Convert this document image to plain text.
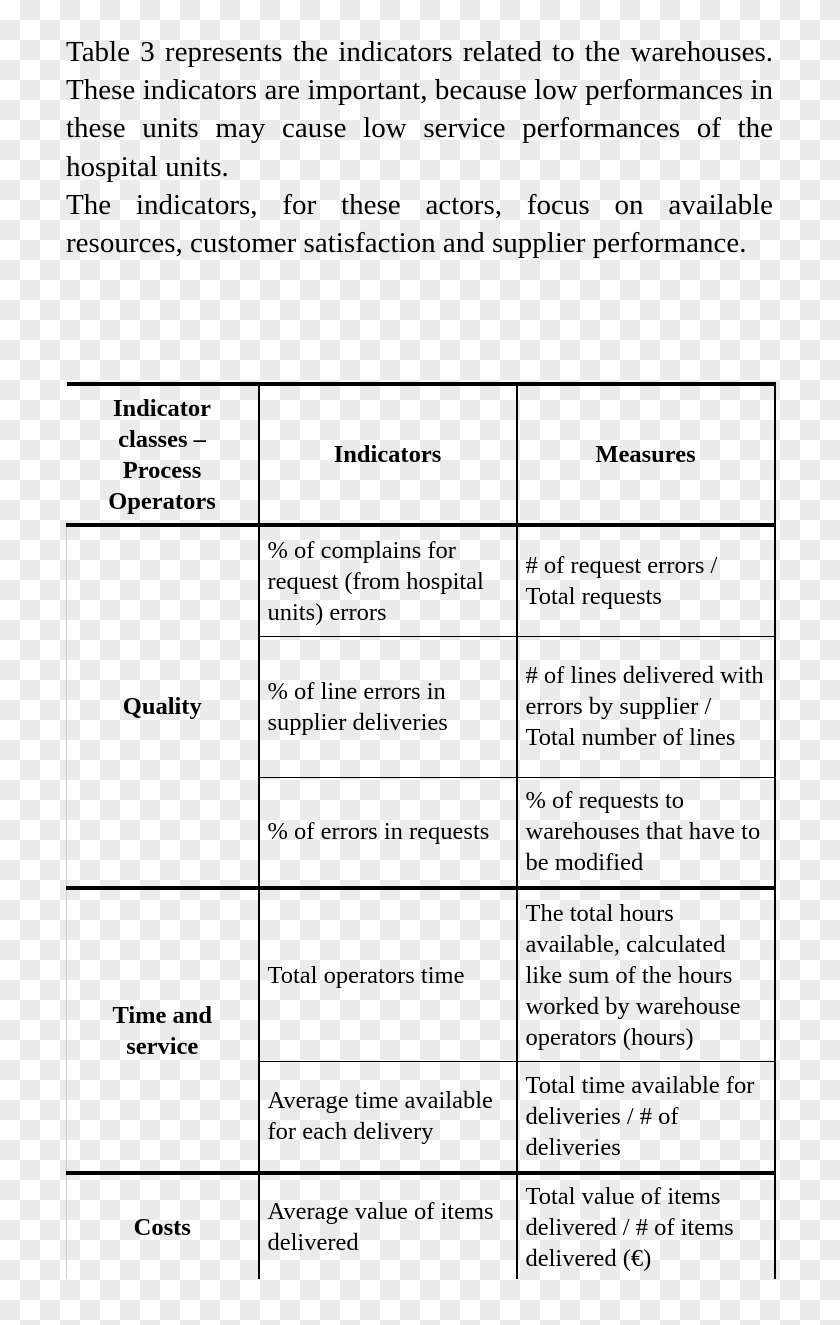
Table 3 represents the indicators related to the warehouses. These indicators are important, because low performances in these units may cause low service performances of the hospital units.

The indicators, for these actors, focus on available resources, customer satisfaction and supplier performance.

Indicator classes – Process Operators	Indicators	Measures
Quality	% of complains for request (from hospital units) errors	# of request errors / Total requests
	% of line errors in supplier deliveries	# of lines delivered with errors by supplier / Total number of lines
	% of errors in requests	% of requests to warehouses that have to be modified
Time and service	Total operators time	The total hours available, calculated like sum of the hours worked by warehouse operators (hours)
	Average time available for each delivery	Total time available for deliveries / # of deliveries
Costs	Average value of items delivered	Total value of items delivered / # of items delivered (€)
